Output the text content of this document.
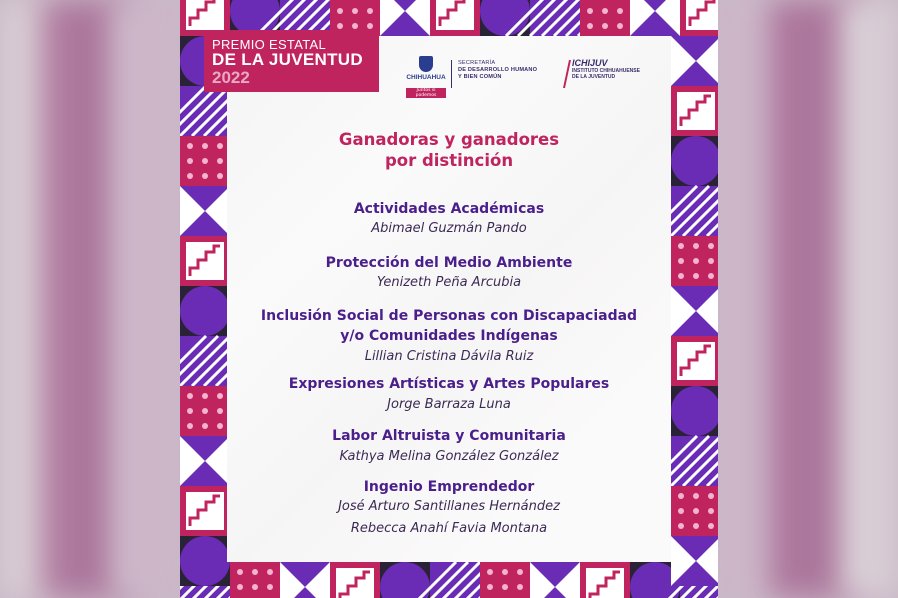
PREMIO ESTATAL
DE LA JUVENTUD
2022	CHIHUAHUA
Juntos sí podemos
SECRETARÍA
DE DESARROLLO HUMANO
Y BIEN COMÚN
ICHIJUV
INSTITUTO CHIHUAHUENSE
DE LA JUVENTUD
Ganadoras y ganadores
por distinción
Actividades Académicas
Abimael Guzmán Pando
Protección del Medio Ambiente
Yenizeth Peña Arcubia
Inclusión Social de Personas con Discapaciadad
y/o Comunidades Indígenas
Lillian Cristina Dávila Ruiz
Expresiones Artísticas y Artes Populares
Jorge Barraza Luna
Labor Altruista y Comunitaria
Kathya Melina González González
Ingenio Emprendedor
José Arturo Santillanes Hernández
Rebecca Anahí Favia Montana
